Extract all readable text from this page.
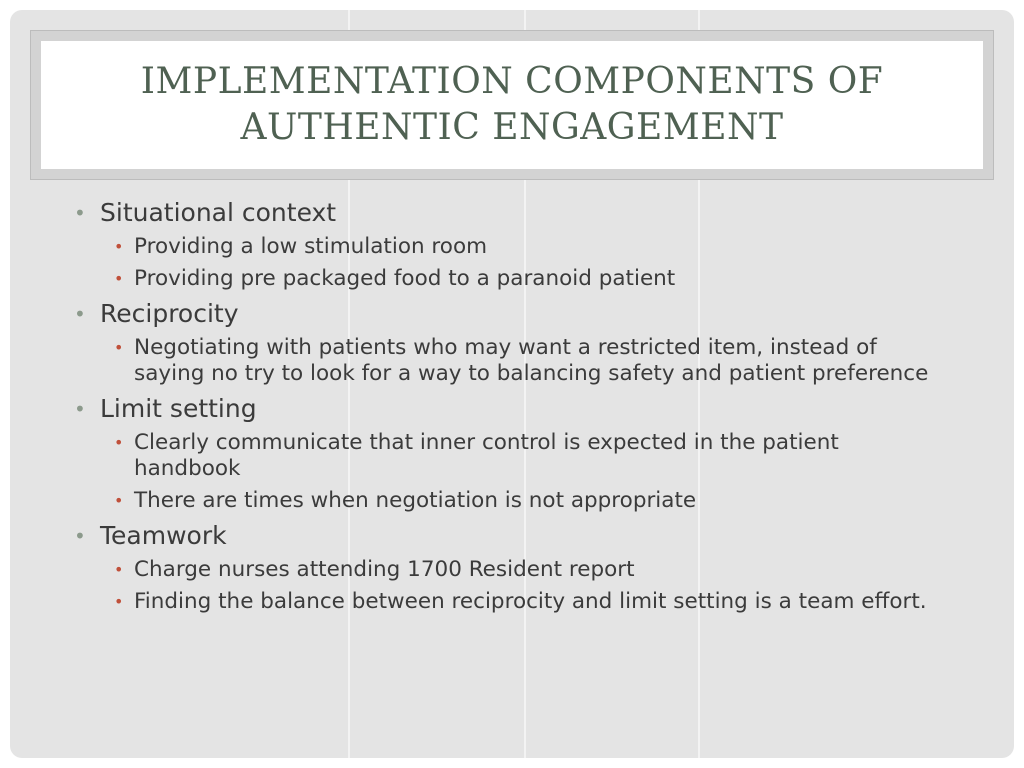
IMPLEMENTATION COMPONENTS OF
AUTHENTIC ENGAGEMENT
• Situational context
• Providing a low stimulation room
• Providing pre packaged food to a paranoid patient
• Reciprocity
• Negotiating with patients who may want a restricted item, instead of saying no try to look for a way to balancing safety and patient preference
• Limit setting
• Clearly communicate that inner control is expected in the patient handbook
• There are times when negotiation is not appropriate
• Teamwork
• Charge nurses attending 1700 Resident report
• Finding the balance between reciprocity and limit setting is a team effort.
